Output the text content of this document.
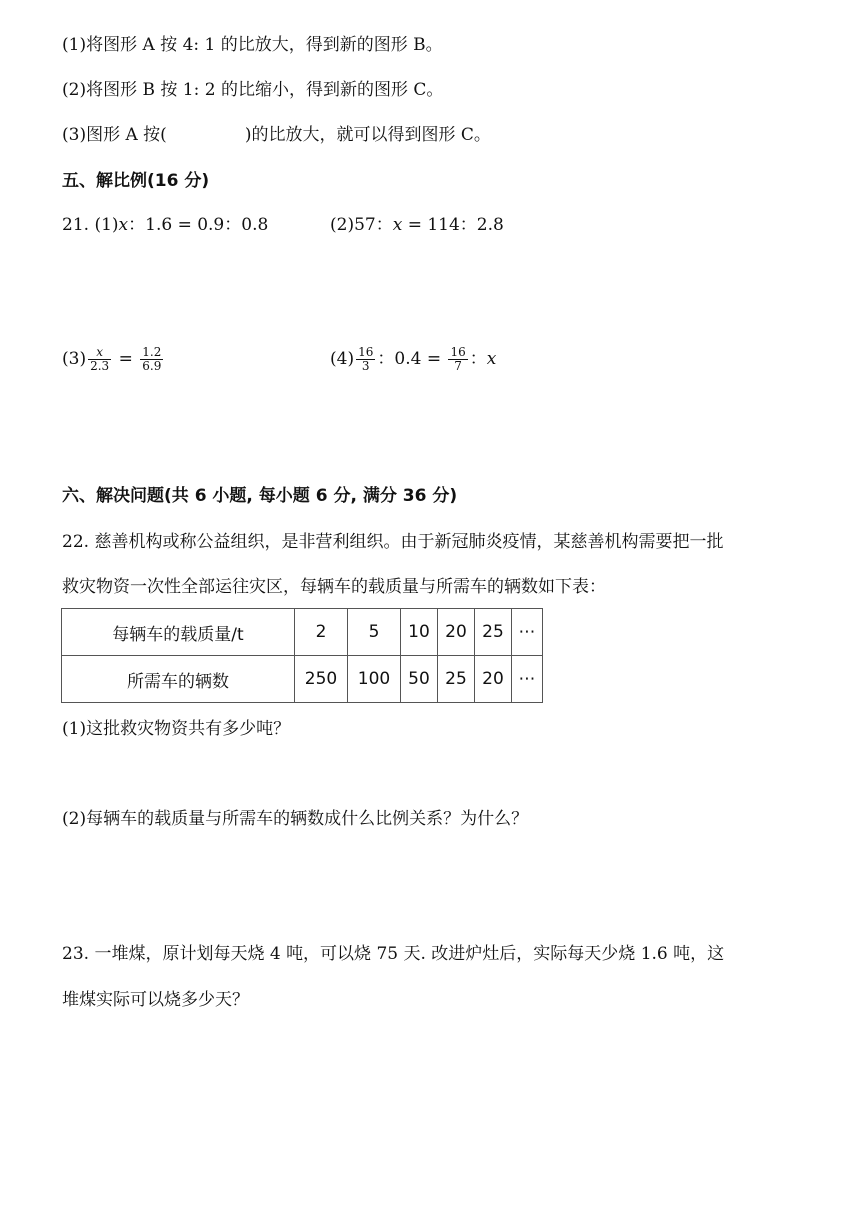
(1)将图形 A 按 4: 1 的比放大，得到新的图形 B。
(2)将图形 B 按 1: 2 的比缩小，得到新的图形 C。
(3)图形 A 按(	)的比放大，就可以得到图形 C。
五、解比例(16 分)
21. (1)x：1.6 = 0.9：0.8	(2)57：x = 114：2.8
$(3) \frac{x}{2.3} = \frac{1.2}{6.9}$	$(4) \frac{16}{3}$ ：$0.4 = \frac{16}{7}$ ：x
六、解决问题(共 6 小题, 每小题 6 分, 满分 36 分)
22. 慈善机构或称公益组织，是非营利组织。由于新冠肺炎疫情，某慈善机构需要把一批
救灾物资一次性全部运往灾区，每辆车的载质量与所需车的辆数如下表：
每辆车的载质量/t	2	5	10	20	25	⋯
所需车的辆数	250	100	50	25	20	⋯
(1)这批救灾物资共有多少吨？
(2)每辆车的载质量与所需车的辆数成什么比例关系？为什么？
23. 一堆煤，原计划每天烧 4 吨，可以烧 75 天. 改进炉灶后，实际每天少烧 1.6 吨，这
堆煤实际可以烧多少天？
